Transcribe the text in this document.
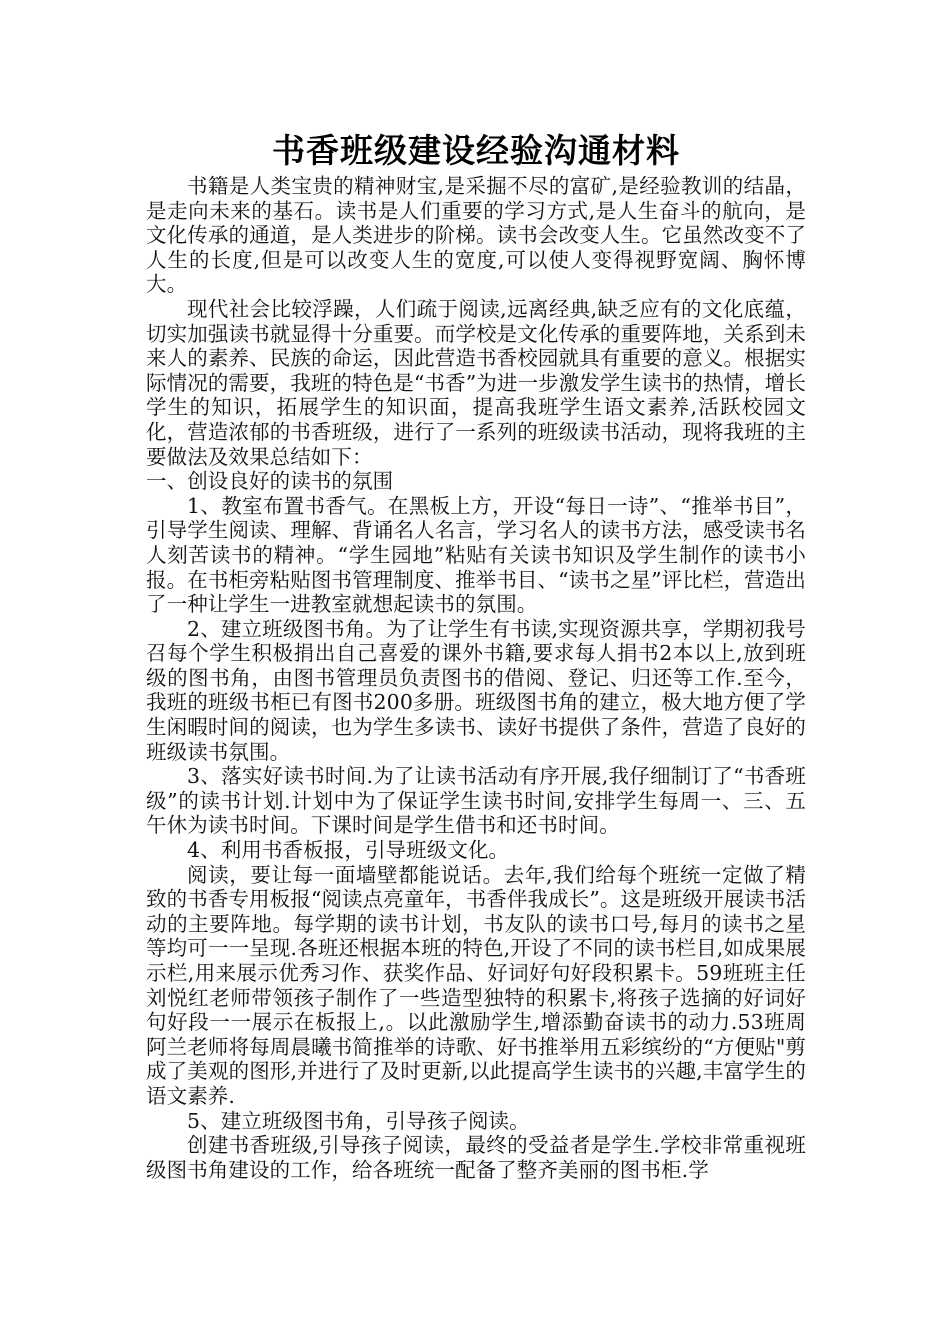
书香班级建设经验沟通材料

书籍是人类宝贵的精神财宝,是采掘不尽的富矿,是经验教训的结晶，是走向未来的基石。读书是人们重要的学习方式,是人生奋斗的航向，是文化传承的通道，是人类进步的阶梯。读书会改变人生。它虽然改变不了人生的长度,但是可以改变人生的宽度,可以使人变得视野宽阔、胸怀博大。

现代社会比较浮躁，人们疏于阅读,远离经典,缺乏应有的文化底蕴，切实加强读书就显得十分重要。而学校是文化传承的重要阵地，关系到未来人的素养、民族的命运，因此营造书香校园就具有重要的意义。根据实际情况的需要，我班的特色是“书香”为进一步激发学生读书的热情，增长学生的知识，拓展学生的知识面，提高我班学生语文素养,活跃校园文化，营造浓郁的书香班级，进行了一系列的班级读书活动，现将我班的主要做法及效果总结如下：

一、创设良好的读书的氛围

1、教室布置书香气。在黑板上方，开设“每日一诗”、“推举书目”，引导学生阅读、理解、背诵名人名言，学习名人的读书方法，感受读书名人刻苦读书的精神。“学生园地”粘贴有关读书知识及学生制作的读书小报。在书柜旁粘贴图书管理制度、推举书目、“读书之星”评比栏，营造出了一种让学生一进教室就想起读书的氛围。

2、建立班级图书角。为了让学生有书读,实现资源共享，学期初我号召每个学生积极捐出自己喜爱的课外书籍,要求每人捐书2本以上,放到班级的图书角，由图书管理员负责图书的借阅、登记、归还等工作.至今，我班的班级书柜已有图书200多册。班级图书角的建立，极大地方便了学生闲暇时间的阅读，也为学生多读书、读好书提供了条件，营造了良好的班级读书氛围。

3、落实好读书时间.为了让读书活动有序开展,我仔细制订了“书香班级”的读书计划.计划中为了保证学生读书时间,安排学生每周一、三、五午休为读书时间。下课时间是学生借书和还书时间。

4、利用书香板报，引导班级文化。

阅读，要让每一面墙壁都能说话。去年,我们给每个班统一定做了精致的书香专用板报“阅读点亮童年，书香伴我成长”。这是班级开展读书活动的主要阵地。每学期的读书计划，书友队的读书口号,每月的读书之星等均可一一呈现.各班还根据本班的特色,开设了不同的读书栏目,如成果展示栏,用来展示优秀习作、获奖作品、好词好句好段积累卡。59班班主任刘悦红老师带领孩子制作了一些造型独特的积累卡,将孩子选摘的好词好句好段一一展示在板报上,。以此激励学生,增添勤奋读书的动力.53班周阿兰老师将每周晨曦书简推举的诗歌、好书推举用五彩缤纷的“方便贴"剪成了美观的图形,并进行了及时更新,以此提高学生读书的兴趣,丰富学生的语文素养.

5、建立班级图书角，引导孩子阅读。

创建书香班级,引导孩子阅读，最终的受益者是学生.学校非常重视班级图书角建设的工作，给各班统一配备了整齐美丽的图书柜.学
